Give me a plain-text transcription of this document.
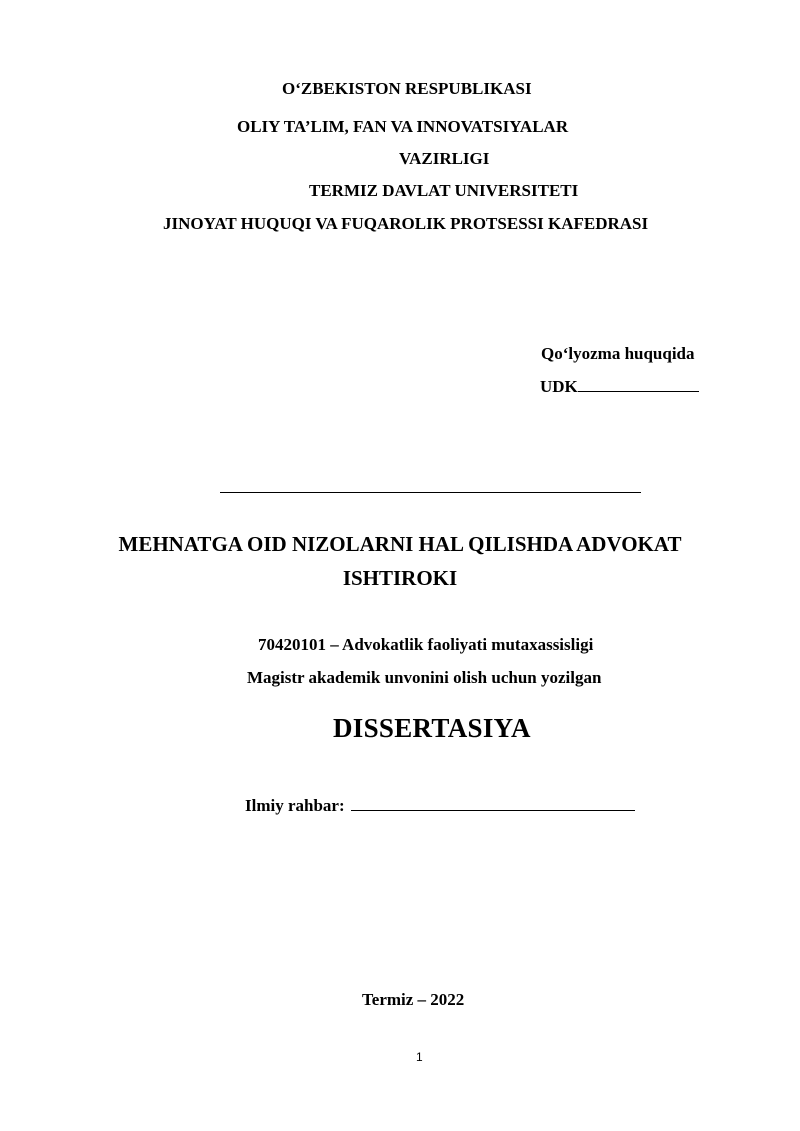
O‘ZBEKISTON RESPUBLIKASI
OLIY TA’LIM, FAN VA INNOVATSIYALAR
VAZIRLIGI
TERMIZ DAVLAT UNIVERSITETI
JINOYAT HUQUQI VA FUQAROLIK PROTSESSI KAFEDRASI
Qo‘lyozma huquqida
UDK
MEHNATGA OID NIZOLARNI HAL QILISHDA ADVOKAT
ISHTIROKI
70420101 – Advokatlik faoliyati mutaxassisligi
Magistr akademik unvonini olish uchun yozilgan
DISSERTASIYA
Ilmiy rahbar:
Termiz – 2022
1
